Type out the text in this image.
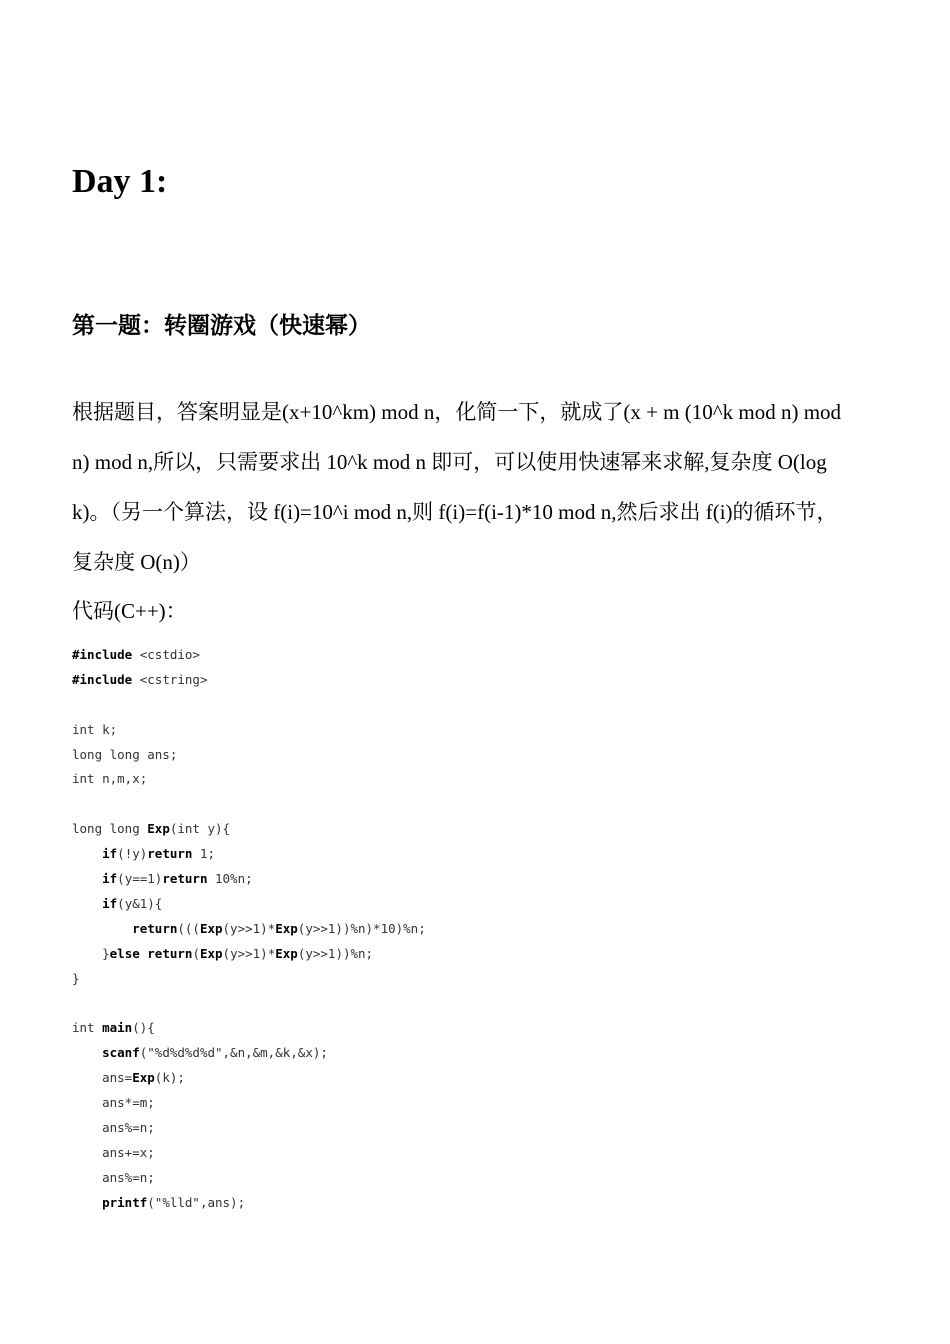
Day 1:
第一题：转圈游戏（快速幂）
根据题目，答案明显是(x+10^km) mod n，化简一下，就成了(x + m (10^k mod n) mod
n) mod n,所以，只需要求出 10^k mod n 即可，可以使用快速幂来求解,复杂度 O(log
k)。（另一个算法，设 f(i)=10^i mod n,则 f(i)=f(i-1)*10 mod n,然后求出 f(i)的循环节，
复杂度 O(n)）
代码(C++)：
#include <cstdio>
#include <cstring>
int k;
long long ans;
int n,m,x;
long long Exp(int y){
if(!y)return 1;
if(y==1)return 10%n;
if(y&1){
return(((Exp(y>>1)*Exp(y>>1))%n)*10)%n;
}else return(Exp(y>>1)*Exp(y>>1))%n;
}
int main(){
scanf("%d%d%d%d",&n,&m,&k,&x);
ans=Exp(k);
ans*=m;
ans%=n;
ans+=x;
ans%=n;
printf("%lld",ans);
